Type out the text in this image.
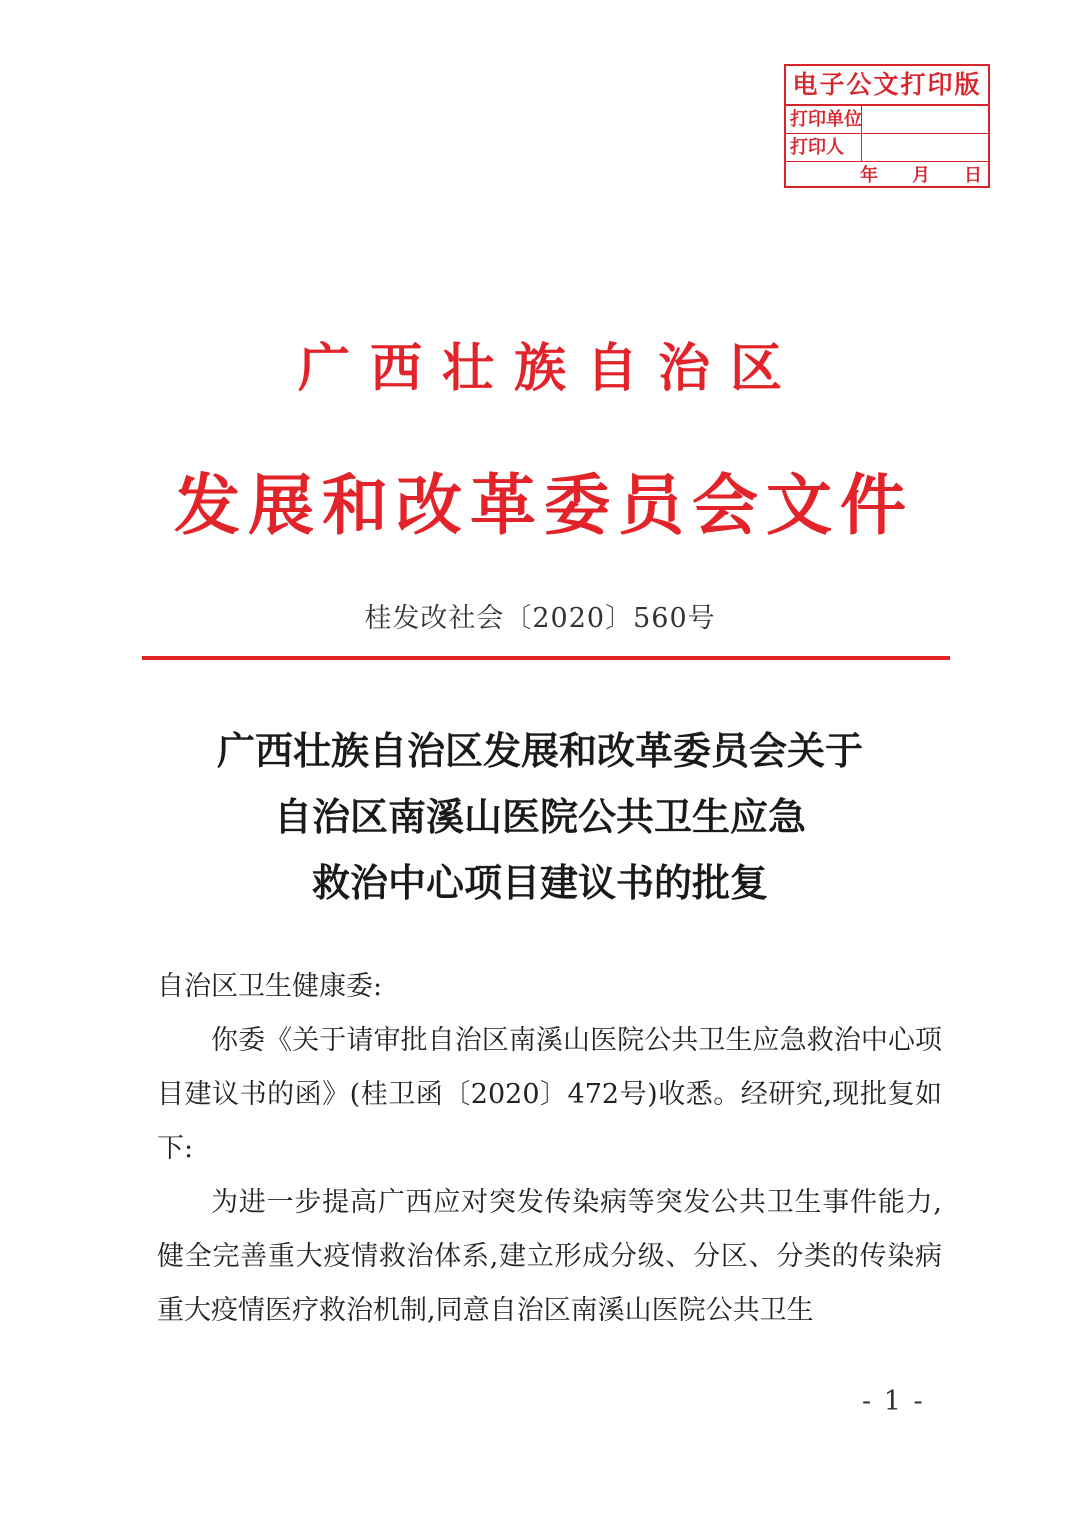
电子公文打印版
打印单位
打印人
年 月 日
广西壮族自治区
发展和改革委员会文件
桂发改社会〔2020〕560号
广西壮族自治区发展和改革委员会关于
自治区南溪山医院公共卫生应急
救治中心项目建议书的批复
自治区卫生健康委:

你委《关于请审批自治区南溪山医院公共卫生应急救治中心项目建议书的函》(桂卫函〔2020〕472号)收悉。经研究,现批复如下:

为进一步提高广西应对突发传染病等突发公共卫生事件能力,健全完善重大疫情救治体系,建立形成分级、分区、分类的传染病重大疫情医疗救治机制,同意自治区南溪山医院公共卫生

- 1 -
